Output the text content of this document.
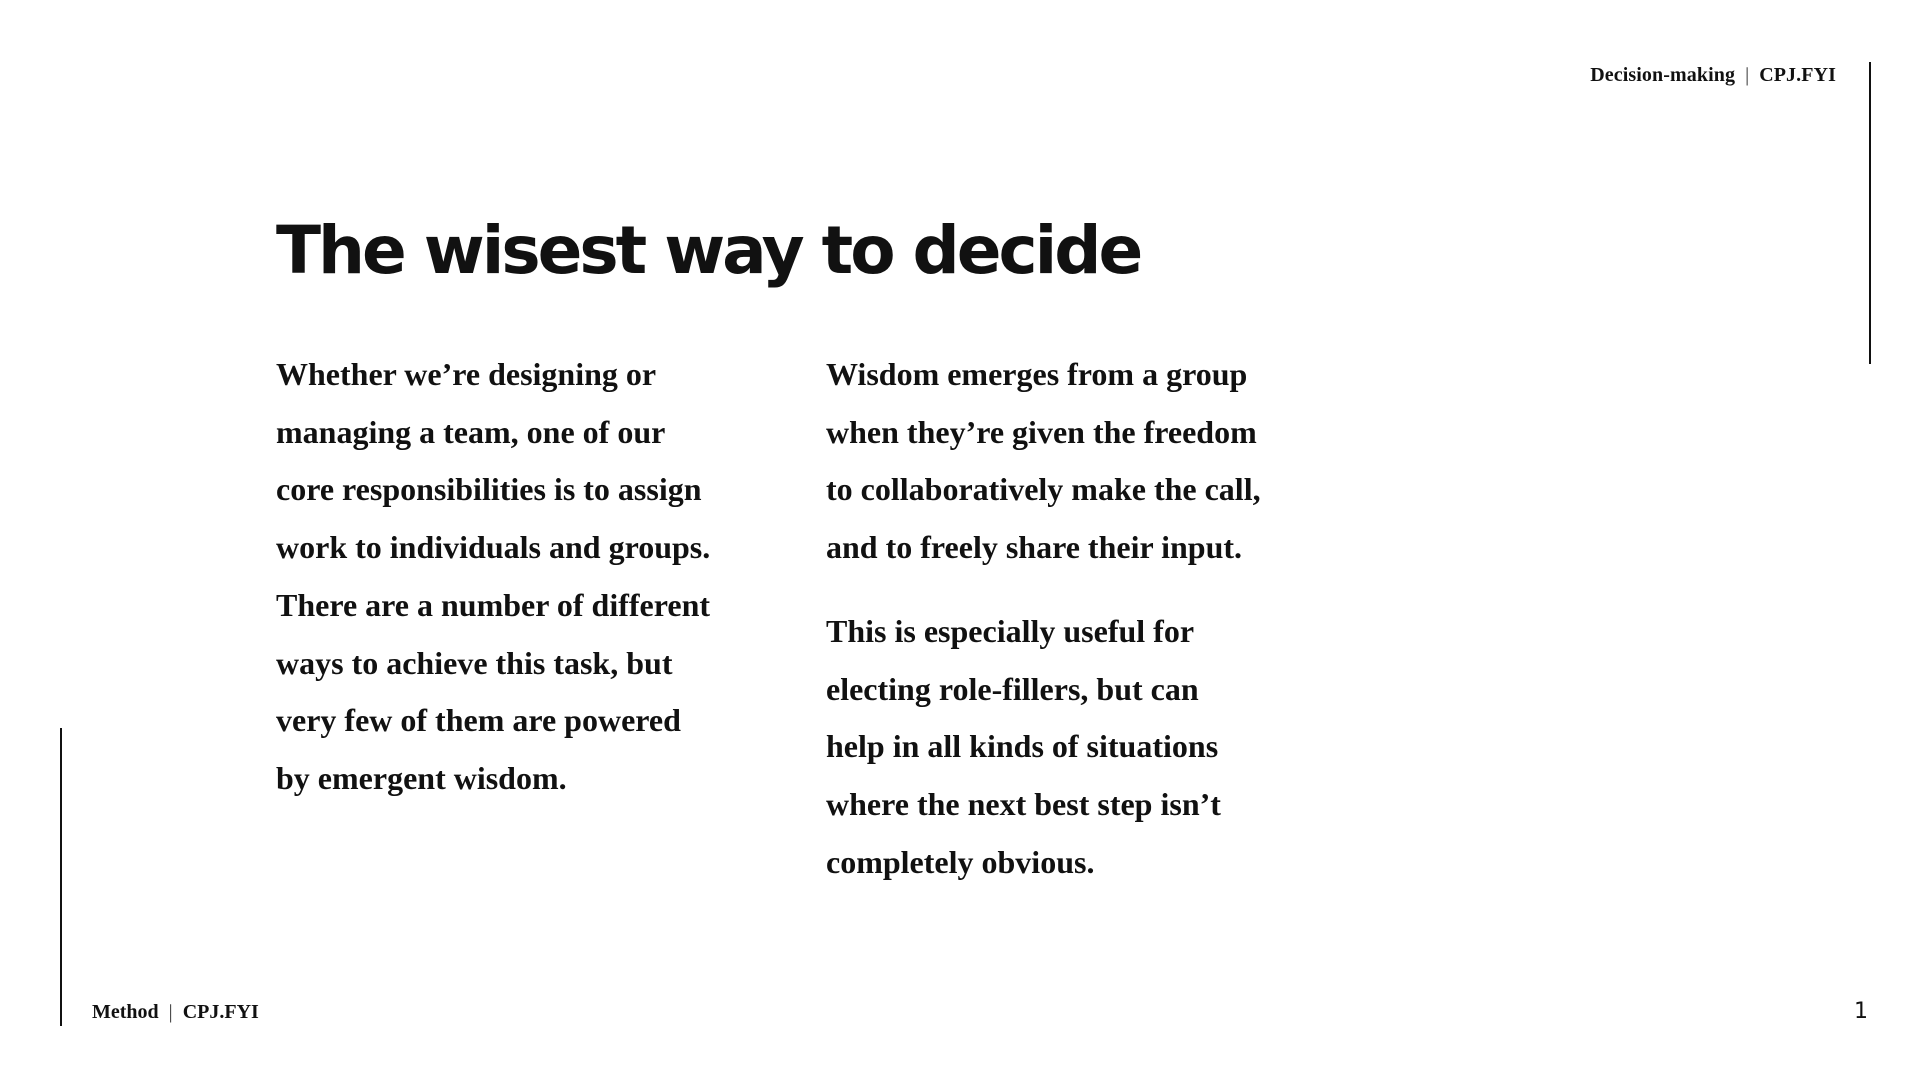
Decision-making | CPJ.FYI
The wisest way to decide

Whether we’re designing or

managing a team, one of our

core responsibilities is to assign

work to individuals and groups.

There are a number of different

ways to achieve this task, but

very few of them are powered

by emergent wisdom.

Wisdom emerges from a group

when they’re given the freedom

to collaboratively make the call,

and to freely share their input.

This is especially useful for

electing role-fillers, but can

help in all kinds of situations

where the next best step isn’t

completely obvious.

Method | CPJ.FYI	1
